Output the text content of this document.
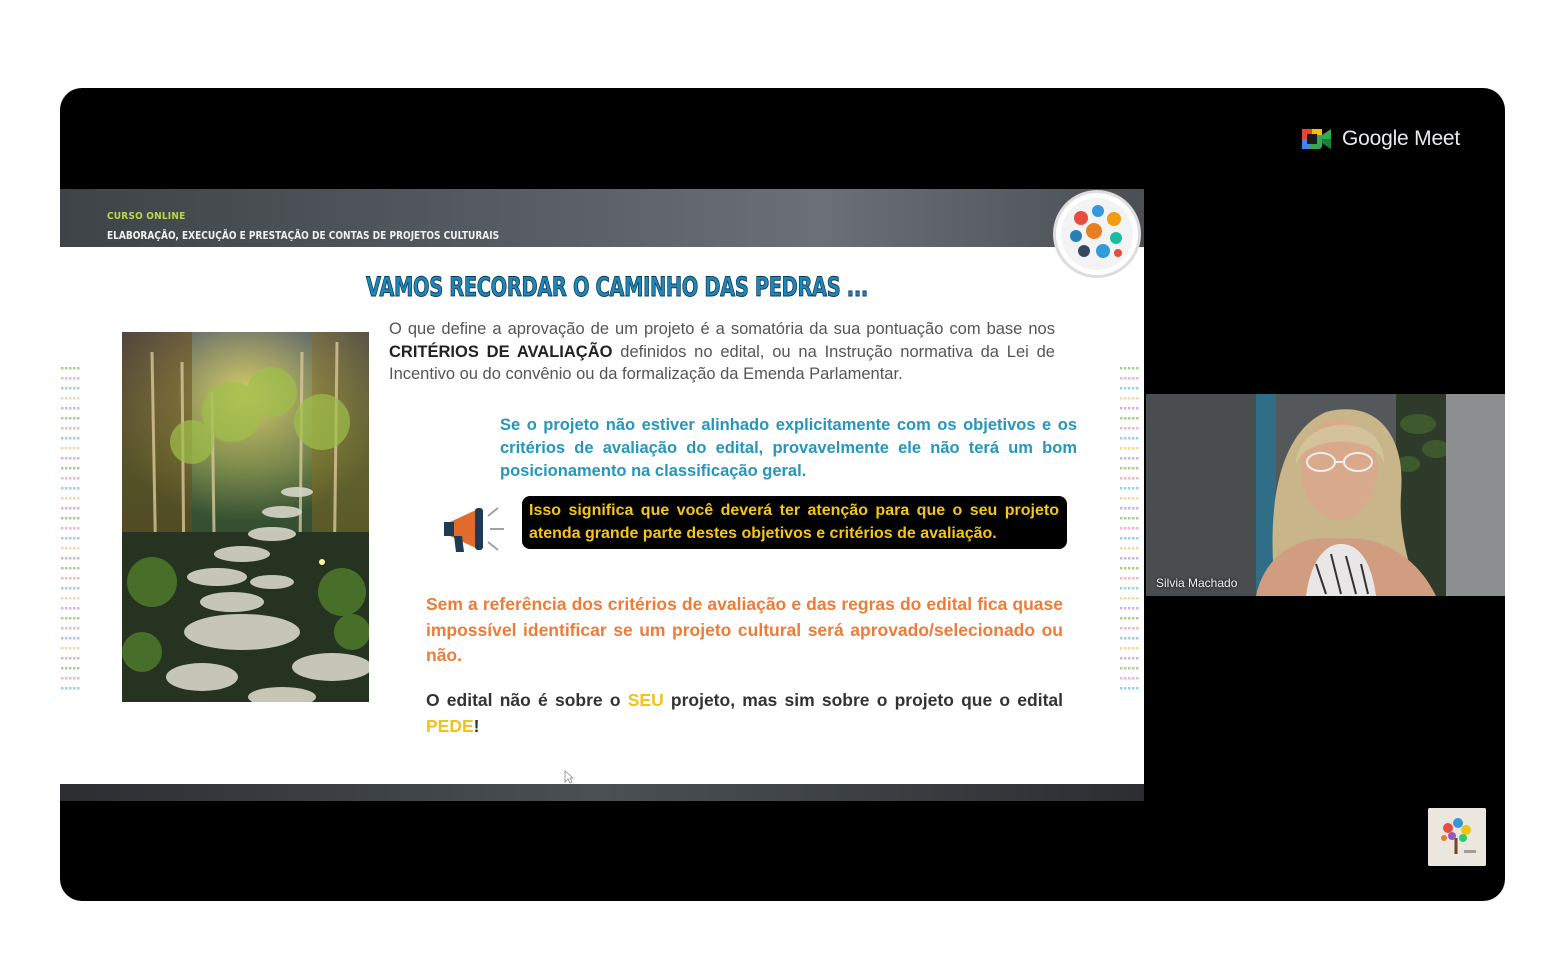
Google Meet
CURSO ONLINE
ELABORAÇÃO, EXECUÇÃO E PRESTAÇÃO DE CONTAS DE PROJETOS CULTURAIS
VAMOS RECORDAR O CAMINHO DAS PEDRAS ...
O que define a aprovação de um projeto é a somatória da sua pontuação com base nos CRITÉRIOS DE AVALIAÇÃO definidos no edital, ou na Instrução normativa da Lei de Incentivo ou do convênio ou da formalização da Emenda Parlamentar.
Se o projeto não estiver alinhado explicitamente com os objetivos e os critérios de avaliação do edital, provavelmente ele não terá um bom posicionamento na classificação geral.
Isso significa que você deverá ter atenção para que o seu projeto atenda grande parte destes objetivos e critérios de avaliação.
Sem a referência dos critérios de avaliação e das regras do edital fica quase impossível identificar se um projeto cultural será aprovado/selecionado ou não.
O edital não é sobre o SEU projeto, mas sim sobre o projeto que o edital PEDE!
Silvia Machado
